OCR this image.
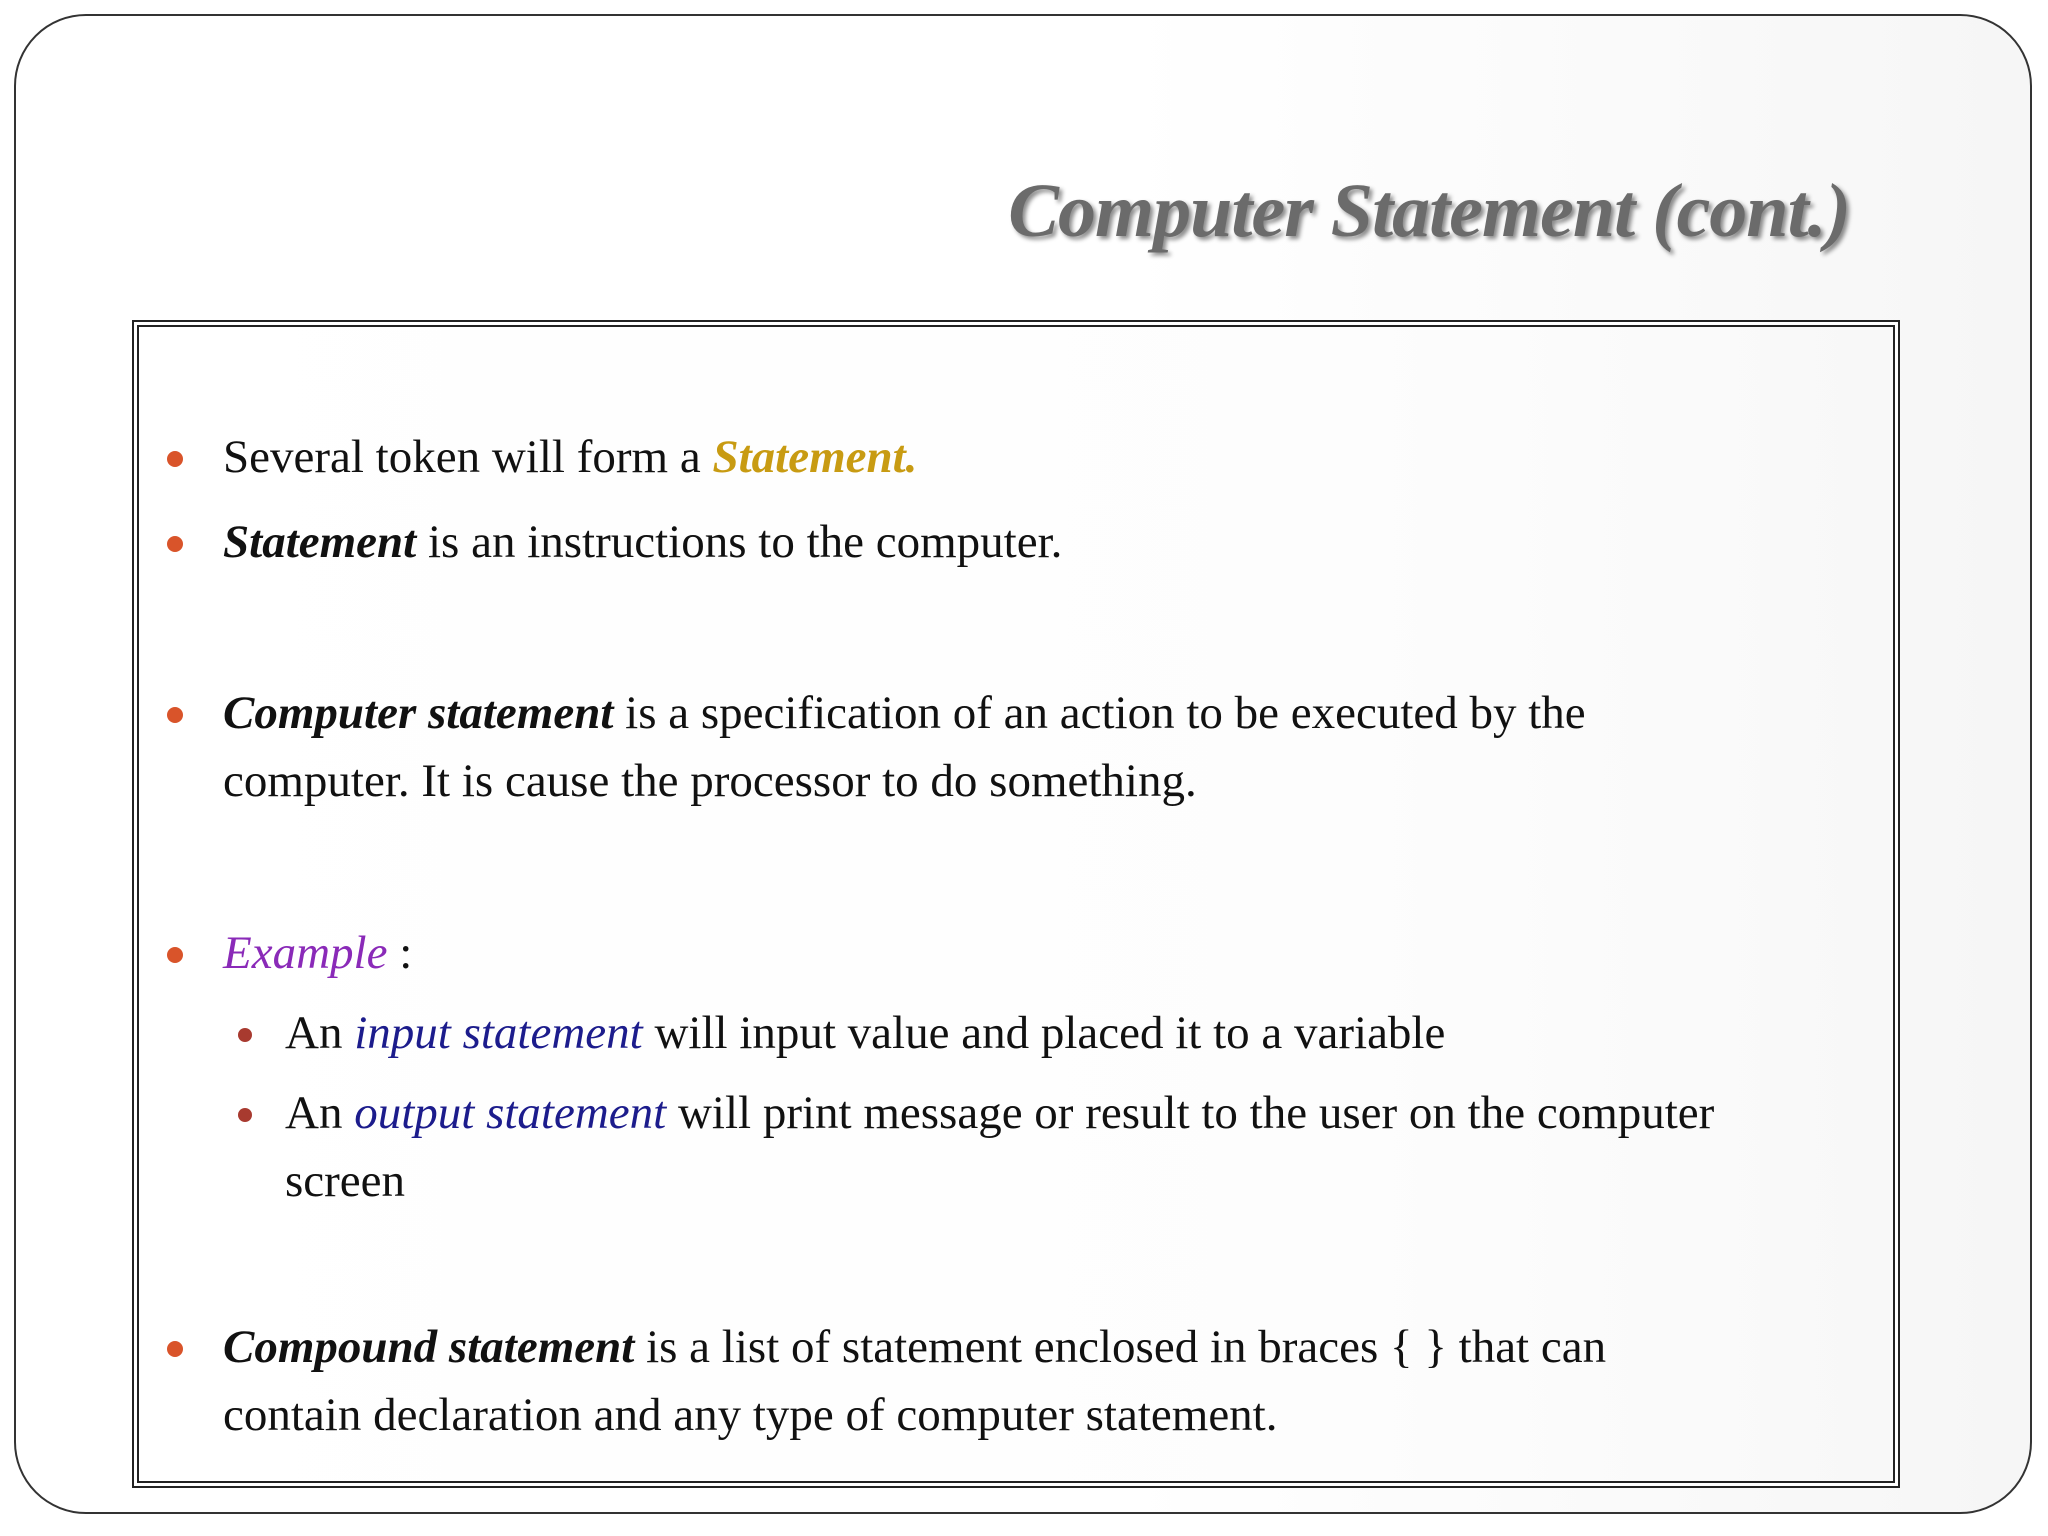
Computer Statement (cont.)
Several token will form a Statement.
Statement is an instructions to the computer.
Computer statement is a specification of an action to be executed by the
computer. It is cause the processor to do something.
Example :
An input statement will input value and placed it to a variable
An output statement will print message or result to the user on the computer
screen
Compound statement is a list of statement enclosed in braces { } that can
contain declaration and any type of computer statement.
